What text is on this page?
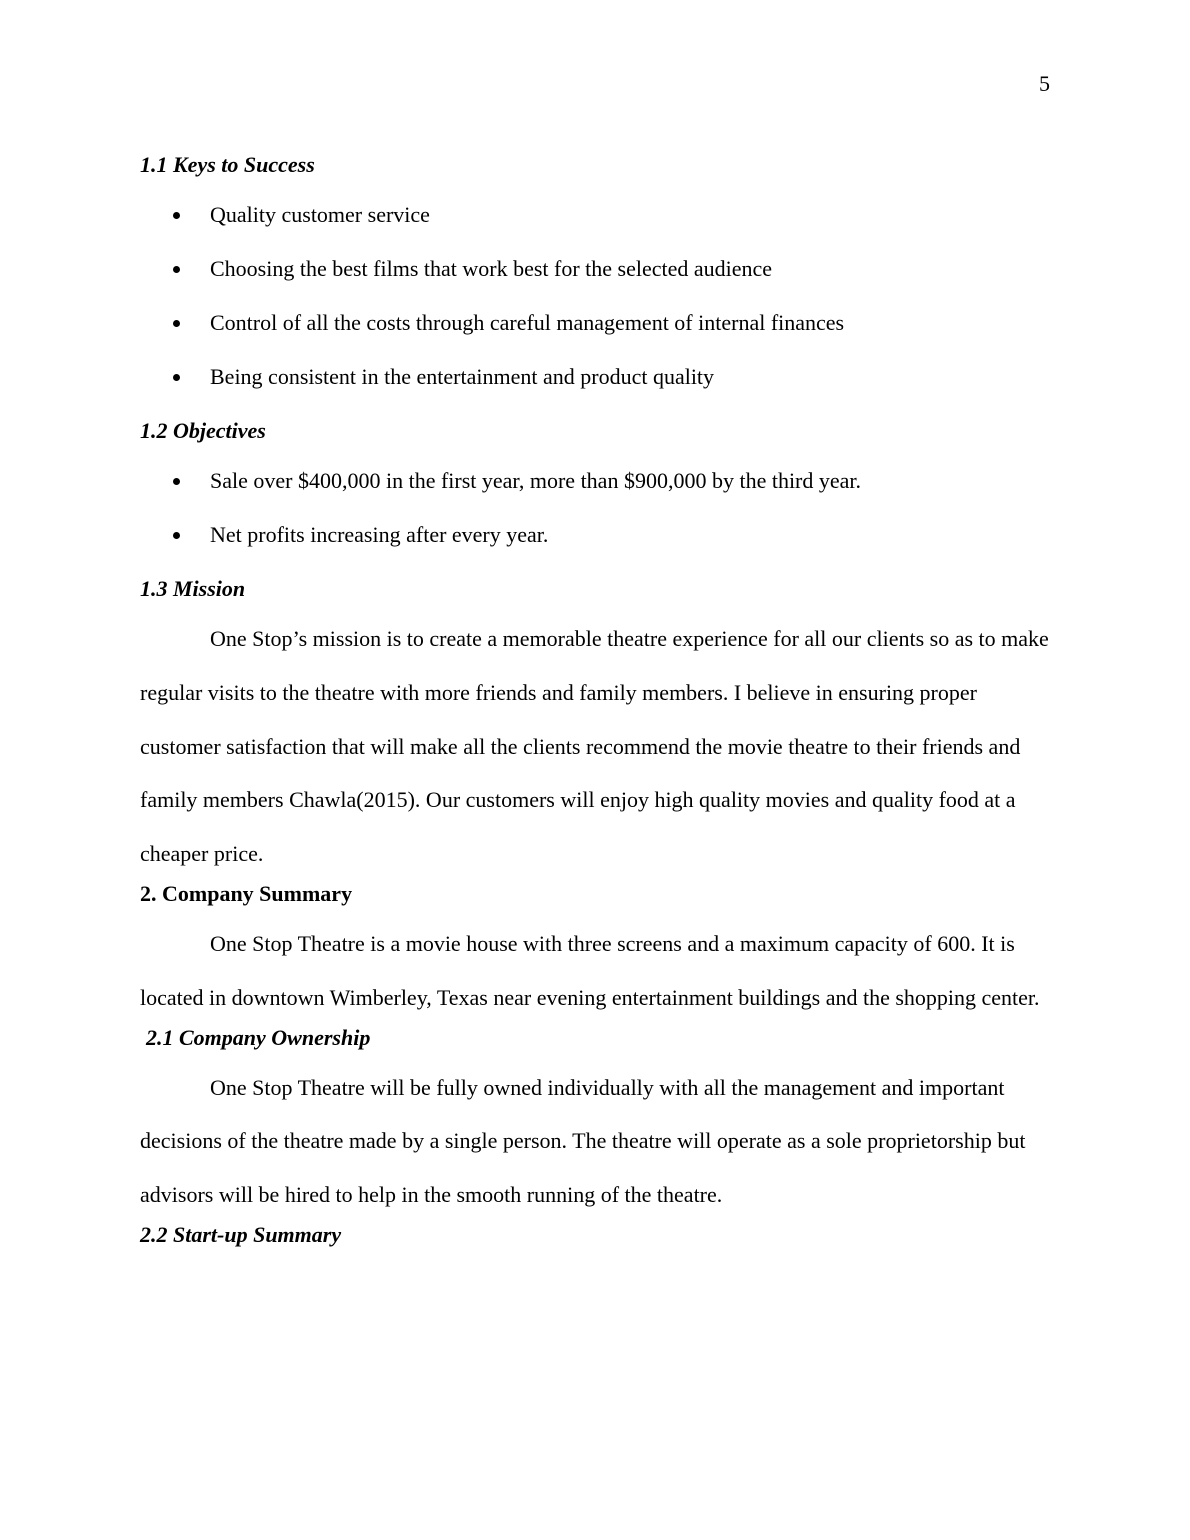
5
1.1 Keys to Success
Quality customer service
Choosing the best films that work best for the selected audience
Control of all the costs through careful management of internal finances
Being consistent in the entertainment and product quality
1.2 Objectives
Sale over $400,000 in the first year, more than $900,000 by the third year.
Net profits increasing after every year.
1.3 Mission

One Stop’s mission is to create a memorable theatre experience for all our clients so as to make regular visits to the theatre with more friends and family members. I believe in ensuring proper customer satisfaction that will make all the clients recommend the movie theatre to their friends and family members Chawla(2015). Our customers will enjoy high quality movies and quality food at a cheaper price.

2. Company Summary

One Stop Theatre is a movie house with three screens and a maximum capacity of 600. It is located in downtown Wimberley, Texas near evening entertainment buildings and the shopping center.

2.1 Company Ownership

One Stop Theatre will be fully owned individually with all the management and important decisions of the theatre made by a single person. The theatre will operate as a sole proprietorship but advisors will be hired to help in the smooth running of the theatre.

2.2 Start-up Summary
